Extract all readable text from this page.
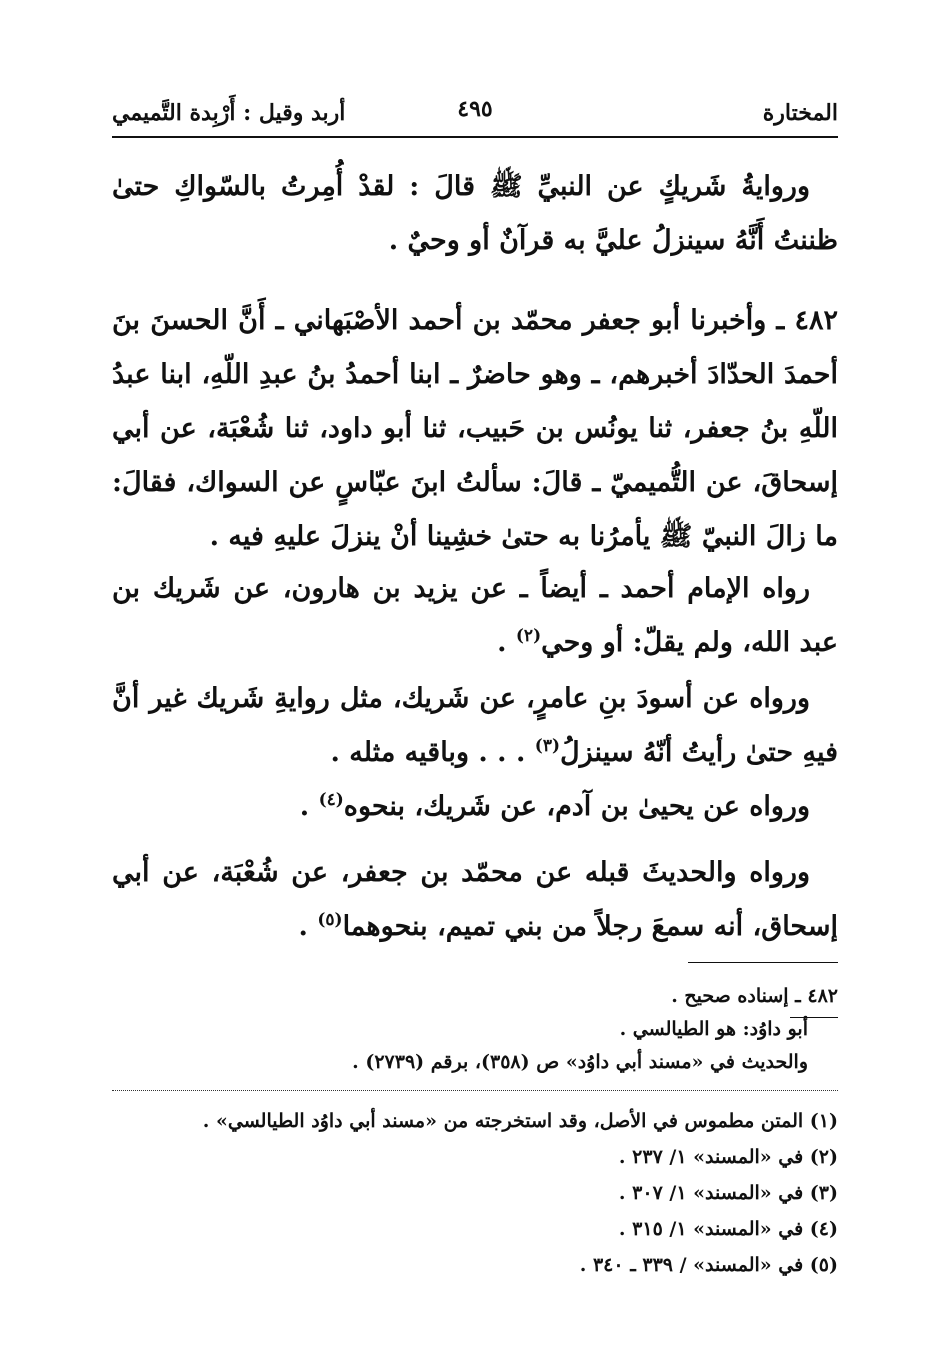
المختارة
٤٩٥
أربد وقيل : أَرْبِدة التَّميمي

وروايةُ شَريكٍ عن النبيِّ ﷺ قالَ : لقدْ أُمِرتُ بالسّواكِ حتىٰ ظننتُ أَنَّهُ سينزلُ عليَّ به قرآنٌ أو وحيٌ .

٤٨٢ ـ وأخبرنا أبو جعفر محمّد بن أحمد الأصْبَهاني ـ أَنَّ الحسنَ بنَ أحمدَ الحدّادَ أخبرهم، ـ وهو حاضرٌ ـ ابنا أحمدُ بنُ عبدِ اللّهِ، ابنا عبدُ اللّهِ بنُ جعفر، ثنا يونُس بن حَبيب، ثنا أبو داود، ثنا شُعْبَة، عن أبي إسحاقَ، عن التُّميميّ ـ قالَ: سألتُ ابنَ عبّاسٍ عن السواك، فقالَ: ما زالَ النبيّ ﷺ يأمرُنا به حتىٰ خشِينا أنْ ينزلَ عليهِ فيه .

رواه الإمام أحمد ـ أيضاً ـ عن يزيد بن هارون، عن شَريك بن عبد الله، ولم يقلّ: أو وحي$^{(٢)}$ .

ورواه عن أسودَ بنِ عامرٍ، عن شَريك، مثل روايةِ شَريك غير أنَّ فيهِ حتىٰ رأيتُ أنّهُ سينزلُ$^{(٣)}$ . . . وباقيه مثله .

ورواه عن يحيىٰ بن آدم، عن شَريك، بنحوه$^{(٤)}$ .

ورواه والحديثَ قبله عن محمّد بن جعفر، عن شُعْبَة، عن أبي إسحاق، أنه سمعَ رجلاً من بني تميم، بنحوهما$^{(٥)}$ .

٤٨٢ ـ إسناده صحيح .
أبو داوُد: هو الطيالسي .
والحديث في «مسند أبي داوُد» ص (٣٥٨)، برقم (٢٧٣٩) .
(١) المتن مطموس في الأصل، وقد استخرجته من «مسند أبي داوُد الطيالسي» .
(٢) في «المسند» ١/ ٢٣٧ .
(٣) في «المسند» ١/ ٣٠٧ .
(٤) في «المسند» ١/ ٣١٥ .
(٥) في «المسند» / ٣٣٩ ـ ٣٤٠ .
